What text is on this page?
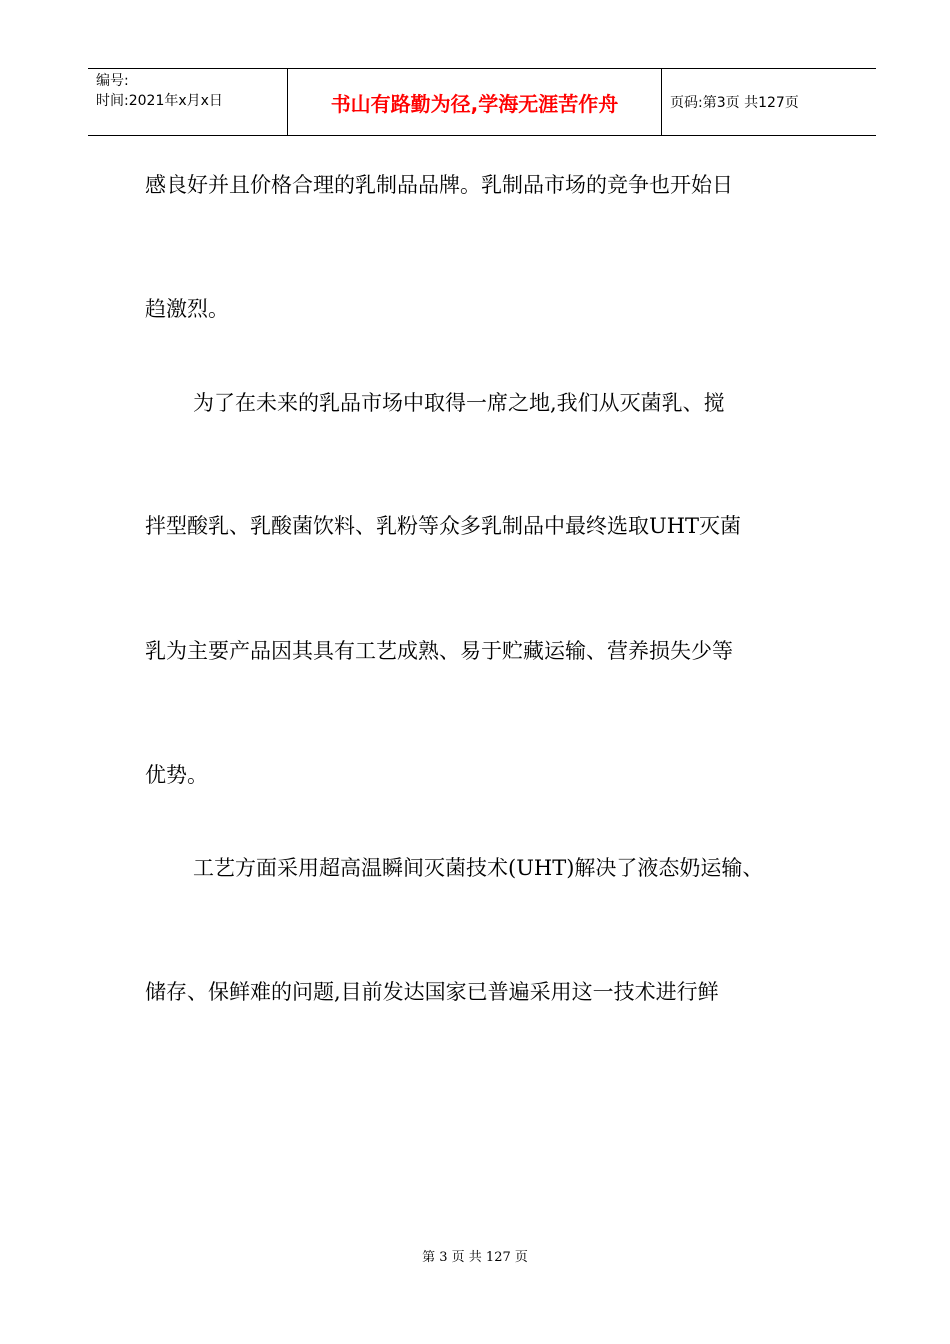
编号:
时间:2021年x月x日	书山有路勤为径,学海无涯苦作舟	页码:第3页 共127页
感良好并且价格合理的乳制品品牌。乳制品市场的竞争也开始日
趋激烈。
为了在未来的乳品市场中取得一席之地,我们从灭菌乳、搅
拌型酸乳、乳酸菌饮料、乳粉等众多乳制品中最终选取UHT灭菌
乳为主要产品因其具有工艺成熟、易于贮藏运输、营养损失少等
优势。
工艺方面采用超高温瞬间灭菌技术(UHT)解决了液态奶运输、
储存、保鲜难的问题,目前发达国家已普遍采用这一技术进行鲜
第 3 页 共 127 页
